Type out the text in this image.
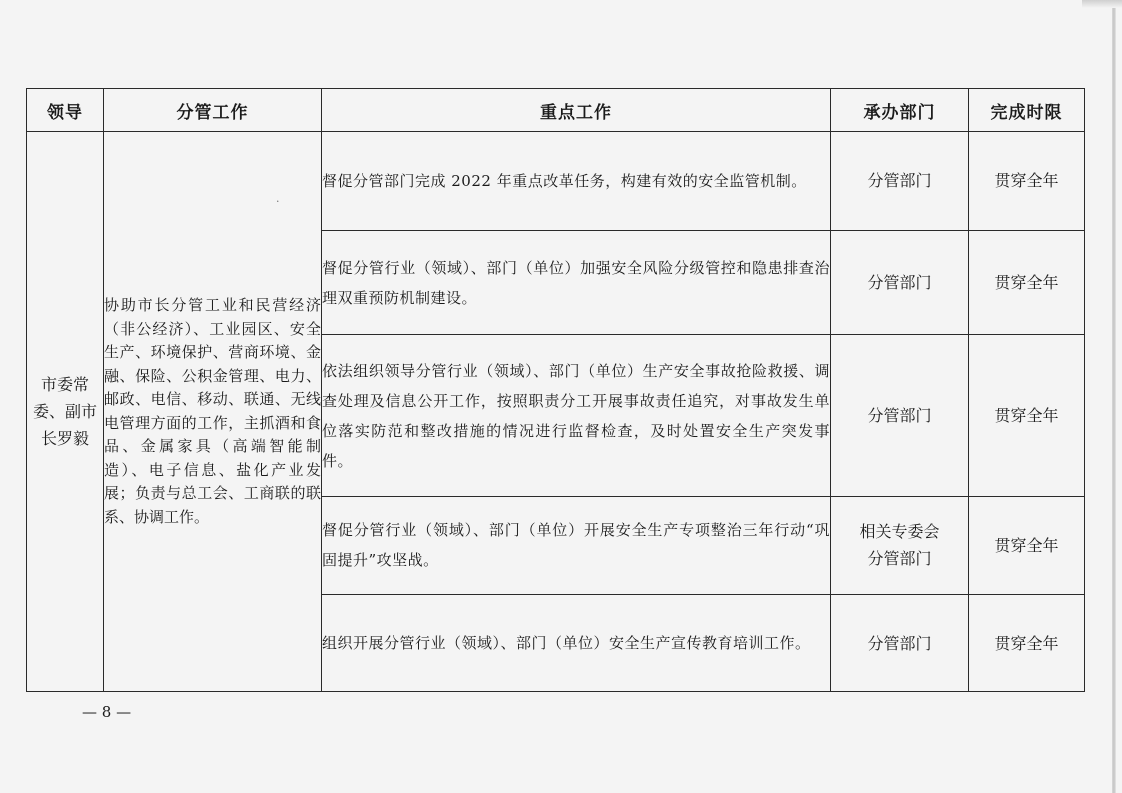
领导	分管工作	重点工作	承办部门	完成时限
市委常委、副市长罗毅	协助市长分管工业和民营经济（非公经济）、工业园区、安全生产、环境保护、营商环境、金融、保险、公积金管理、电力、邮政、电信、移动、联通、无线电管理方面的工作，主抓酒和食品、金属家具（高端智能制造）、电子信息、盐化产业发展；负责与总工会、工商联的联系、协调工作。	督促分管部门完成 2022 年重点改革任务，构建有效的安全监管机制。	分管部门	贯穿全年
		督促分管行业（领域）、部门（单位）加强安全风险分级管控和隐患排查治理双重预防机制建设。	分管部门	贯穿全年
		依法组织领导分管行业（领域）、部门（单位）生产安全事故抢险救援、调查处理及信息公开工作，按照职责分工开展事故责任追究，对事故发生单位落实防范和整改措施的情况进行监督检查，及时处置安全生产突发事件。	分管部门	贯穿全年
		督促分管行业（领域）、部门（单位）开展安全生产专项整治三年行动“巩固提升”攻坚战。	相关专委会分管部门	贯穿全年
		组织开展分管行业（领域）、部门（单位）安全生产宣传教育培训工作。	分管部门	贯穿全年
·
— 8 —
